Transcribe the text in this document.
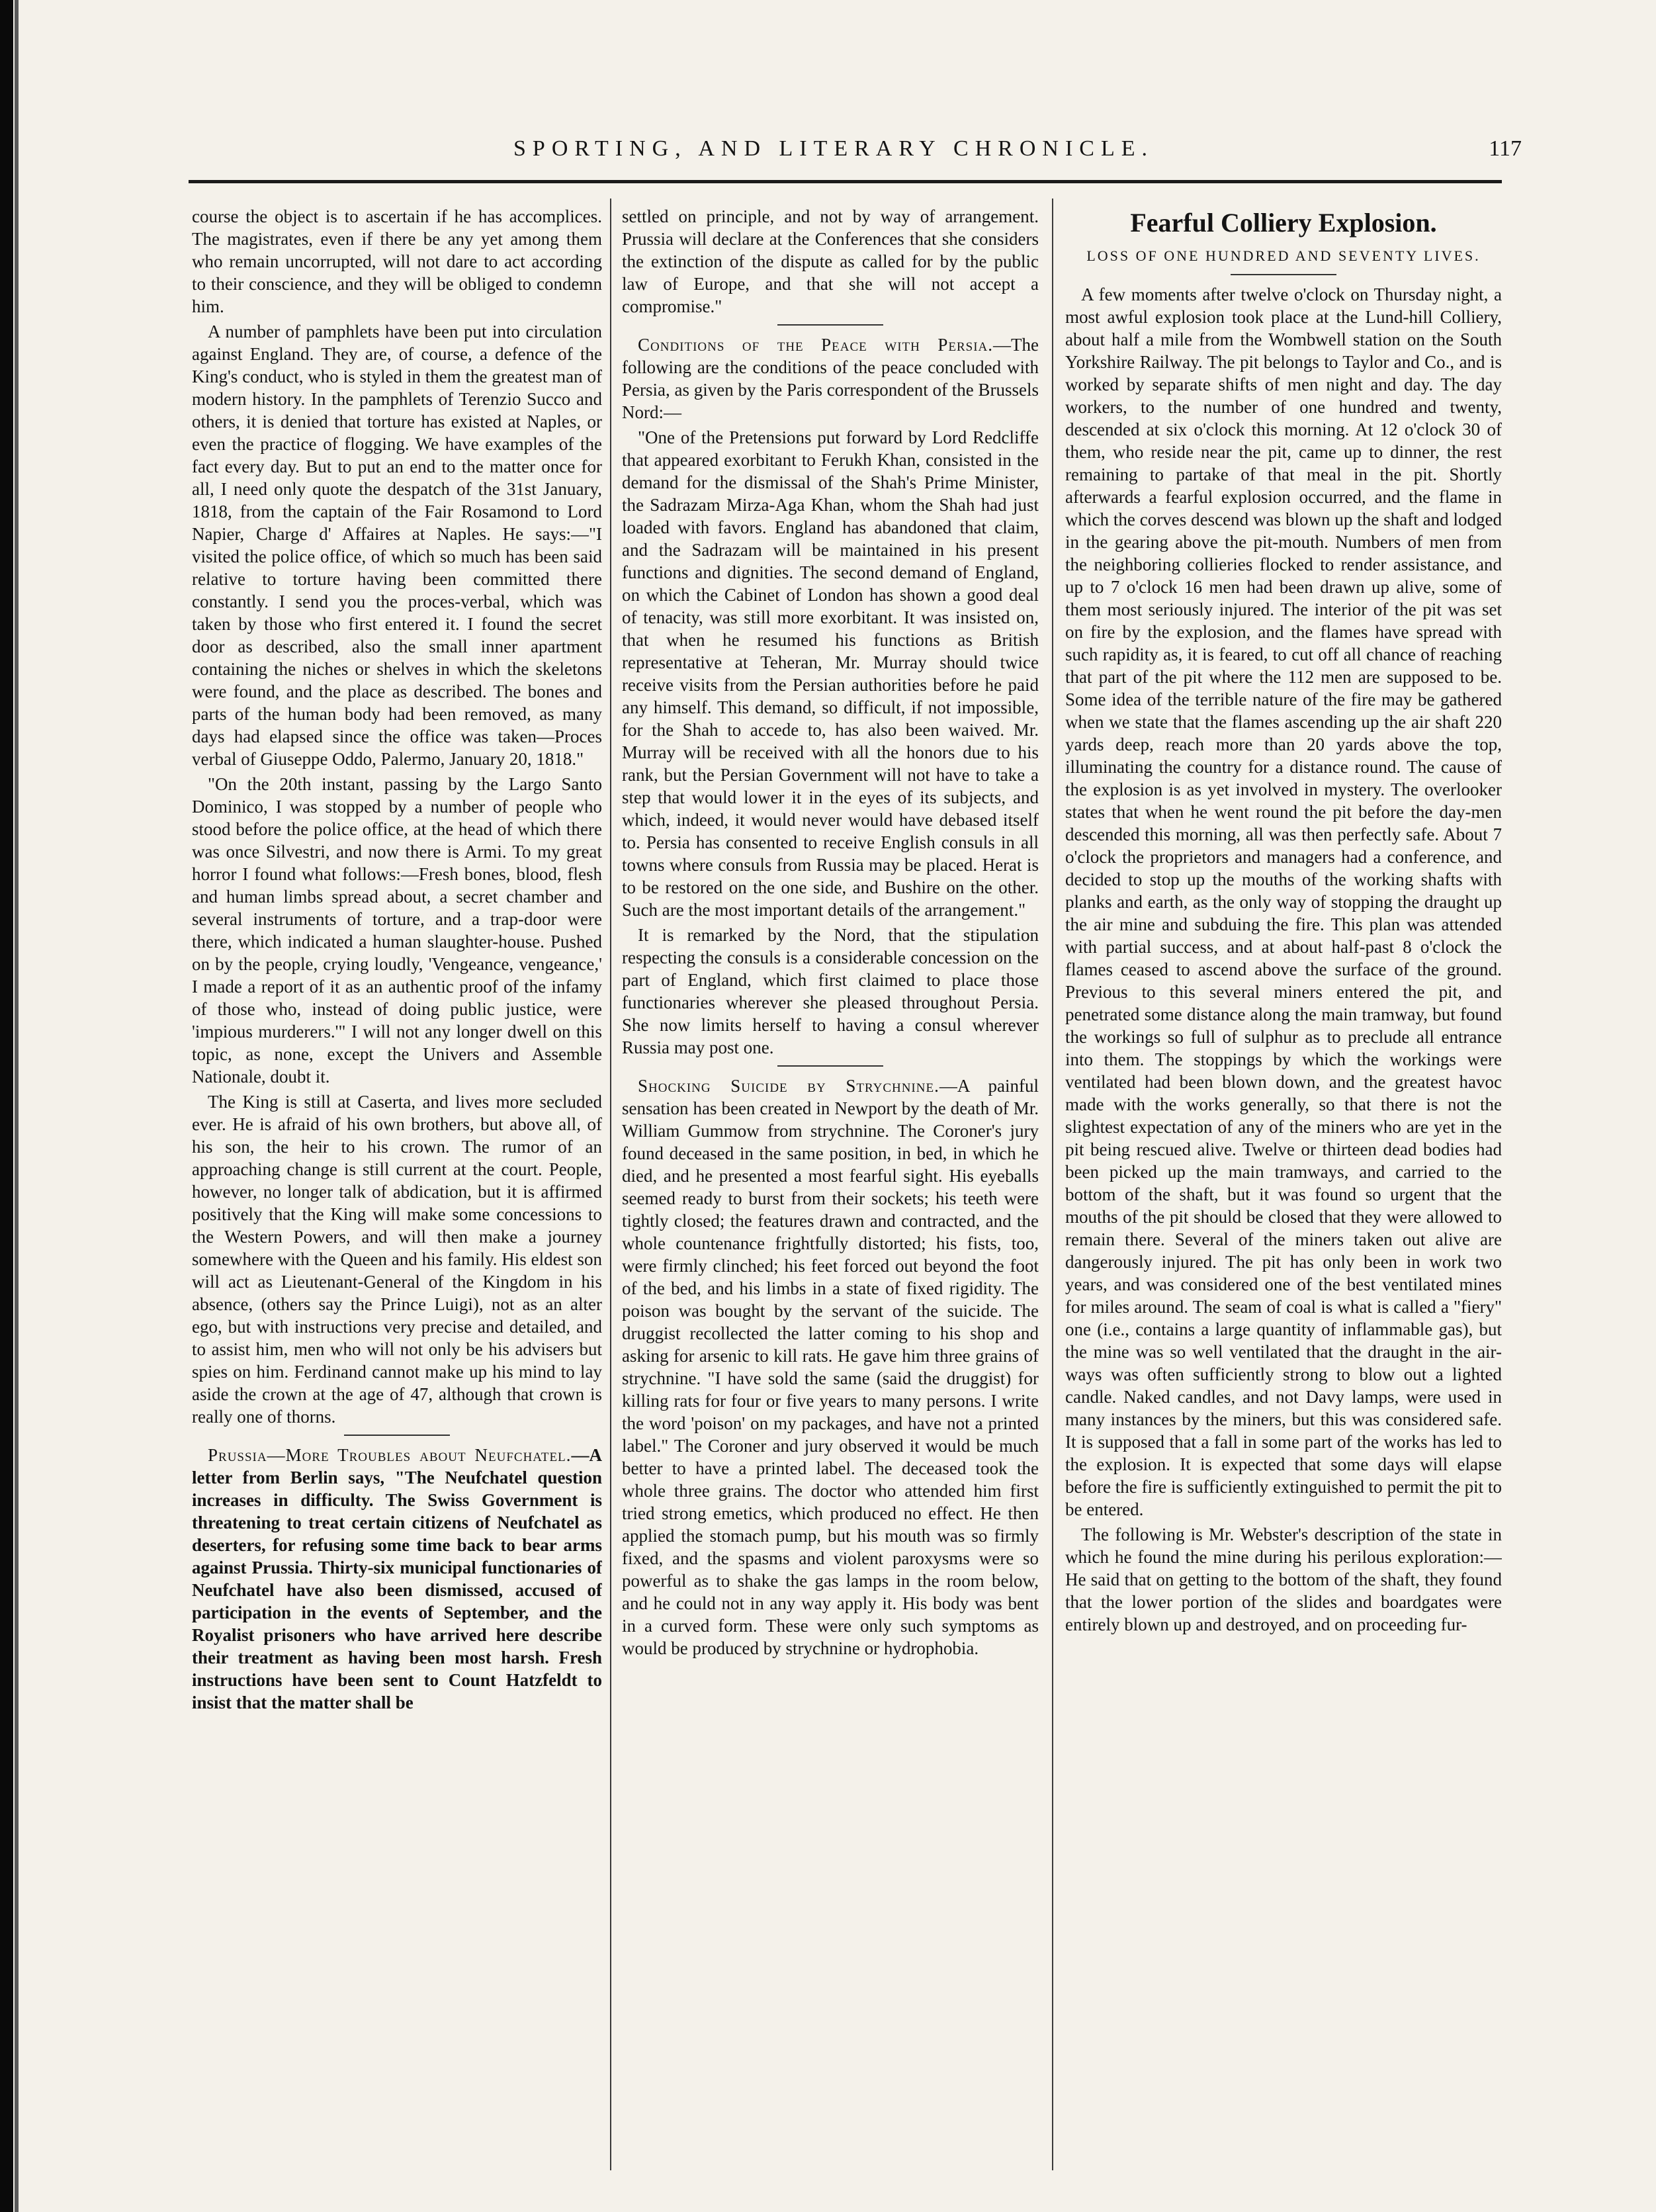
SPORTING, AND LITERARY CHRONICLE.	117

course the object is to ascertain if he has accomplices. The magistrates, even if there be any yet among them who remain uncorrupted, will not dare to act according to their conscience, and they will be obliged to condemn him.

A number of pamphlets have been put into circulation against England. They are, of course, a defence of the King's conduct, who is styled in them the greatest man of modern history. In the pamphlets of Terenzio Succo and others, it is denied that torture has existed at Naples, or even the practice of flogging. We have examples of the fact every day. But to put an end to the matter once for all, I need only quote the despatch of the 31st January, 1818, from the captain of the Fair Rosamond to Lord Napier, Charge d' Affaires at Naples. He says:—"I visited the police office, of which so much has been said relative to torture having been committed there constantly. I send you the proces-verbal, which was taken by those who first entered it. I found the secret door as described, also the small inner apartment containing the niches or shelves in which the skeletons were found, and the place as described. The bones and parts of the human body had been removed, as many days had elapsed since the office was taken—Proces verbal of Giuseppe Oddo, Palermo, January 20, 1818."

"On the 20th instant, passing by the Largo Santo Dominico, I was stopped by a number of people who stood before the police office, at the head of which there was once Silvestri, and now there is Armi. To my great horror I found what follows:—Fresh bones, blood, flesh and human limbs spread about, a secret chamber and several instruments of torture, and a trap-door were there, which indicated a human slaughter-house. Pushed on by the people, crying loudly, 'Vengeance, vengeance,' I made a report of it as an authentic proof of the infamy of those who, instead of doing public justice, were 'impious murderers.'" I will not any longer dwell on this topic, as none, except the Univers and Assemble Nationale, doubt it.

The King is still at Caserta, and lives more secluded ever. He is afraid of his own brothers, but above all, of his son, the heir to his crown. The rumor of an approaching change is still current at the court. People, however, no longer talk of abdication, but it is affirmed positively that the King will make some concessions to the Western Powers, and will then make a journey somewhere with the Queen and his family. His eldest son will act as Lieutenant-General of the Kingdom in his absence, (others say the Prince Luigi), not as an alter ego, but with instructions very precise and detailed, and to assist him, men who will not only be his advisers but spies on him. Ferdinand cannot make up his mind to lay aside the crown at the age of 47, although that crown is really one of thorns.

Prussia—More Troubles about Neufchatel.—A letter from Berlin says, "The Neufchatel question increases in difficulty. The Swiss Government is threatening to treat certain citizens of Neufchatel as deserters, for refusing some time back to bear arms against Prussia. Thirty-six municipal functionaries of Neufchatel have also been dismissed, accused of participation in the events of September, and the Royalist prisoners who have arrived here describe their treatment as having been most harsh. Fresh instructions have been sent to Count Hatzfeldt to insist that the matter shall be

settled on principle, and not by way of arrangement. Prussia will declare at the Conferences that she considers the extinction of the dispute as called for by the public law of Europe, and that she will not accept a compromise."

Conditions of the Peace with Persia.—The following are the conditions of the peace concluded with Persia, as given by the Paris correspondent of the Brussels Nord:—

"One of the Pretensions put forward by Lord Redcliffe that appeared exorbitant to Ferukh Khan, consisted in the demand for the dismissal of the Shah's Prime Minister, the Sadrazam Mirza-Aga Khan, whom the Shah had just loaded with favors. England has abandoned that claim, and the Sadrazam will be maintained in his present functions and dignities. The second demand of England, on which the Cabinet of London has shown a good deal of tenacity, was still more exorbitant. It was insisted on, that when he resumed his functions as British representative at Teheran, Mr. Murray should twice receive visits from the Persian authorities before he paid any himself. This demand, so difficult, if not impossible, for the Shah to accede to, has also been waived. Mr. Murray will be received with all the honors due to his rank, but the Persian Government will not have to take a step that would lower it in the eyes of its subjects, and which, indeed, it would never would have debased itself to. Persia has consented to receive English consuls in all towns where consuls from Russia may be placed. Herat is to be restored on the one side, and Bushire on the other. Such are the most important details of the arrangement."

It is remarked by the Nord, that the stipulation respecting the consuls is a considerable concession on the part of England, which first claimed to place those functionaries wherever she pleased throughout Persia. She now limits herself to having a consul wherever Russia may post one.

Shocking Suicide by Strychnine.—A painful sensation has been created in Newport by the death of Mr. William Gummow from strychnine. The Coroner's jury found deceased in the same position, in bed, in which he died, and he presented a most fearful sight. His eyeballs seemed ready to burst from their sockets; his teeth were tightly closed; the features drawn and contracted, and the whole countenance frightfully distorted; his fists, too, were firmly clinched; his feet forced out beyond the foot of the bed, and his limbs in a state of fixed rigidity. The poison was bought by the servant of the suicide. The druggist recollected the latter coming to his shop and asking for arsenic to kill rats. He gave him three grains of strychnine. "I have sold the same (said the druggist) for killing rats for four or five years to many persons. I write the word 'poison' on my packages, and have not a printed label." The Coroner and jury observed it would be much better to have a printed label. The deceased took the whole three grains. The doctor who attended him first tried strong emetics, which produced no effect. He then applied the stomach pump, but his mouth was so firmly fixed, and the spasms and violent paroxysms were so powerful as to shake the gas lamps in the room below, and he could not in any way apply it. His body was bent in a curved form. These were only such symptoms as would be produced by strychnine or hydrophobia.

Fearful Colliery Explosion.
LOSS OF ONE HUNDRED AND SEVENTY LIVES.

A few moments after twelve o'clock on Thursday night, a most awful explosion took place at the Lund-hill Colliery, about half a mile from the Wombwell station on the South Yorkshire Railway. The pit belongs to Taylor and Co., and is worked by separate shifts of men night and day. The day workers, to the number of one hundred and twenty, descended at six o'clock this morning. At 12 o'clock 30 of them, who reside near the pit, came up to dinner, the rest remaining to partake of that meal in the pit. Shortly afterwards a fearful explosion occurred, and the flame in which the corves descend was blown up the shaft and lodged in the gearing above the pit-mouth. Numbers of men from the neighboring collieries flocked to render assistance, and up to 7 o'clock 16 men had been drawn up alive, some of them most seriously injured. The interior of the pit was set on fire by the explosion, and the flames have spread with such rapidity as, it is feared, to cut off all chance of reaching that part of the pit where the 112 men are supposed to be. Some idea of the terrible nature of the fire may be gathered when we state that the flames ascending up the air shaft 220 yards deep, reach more than 20 yards above the top, illuminating the country for a distance round. The cause of the explosion is as yet involved in mystery. The overlooker states that when he went round the pit before the day-men descended this morning, all was then perfectly safe. About 7 o'clock the proprietors and managers had a conference, and decided to stop up the mouths of the working shafts with planks and earth, as the only way of stopping the draught up the air mine and subduing the fire. This plan was attended with partial success, and at about half-past 8 o'clock the flames ceased to ascend above the surface of the ground. Previous to this several miners entered the pit, and penetrated some distance along the main tramway, but found the workings so full of sulphur as to preclude all entrance into them. The stoppings by which the workings were ventilated had been blown down, and the greatest havoc made with the works generally, so that there is not the slightest expectation of any of the miners who are yet in the pit being rescued alive. Twelve or thirteen dead bodies had been picked up the main tramways, and carried to the bottom of the shaft, but it was found so urgent that the mouths of the pit should be closed that they were allowed to remain there. Several of the miners taken out alive are dangerously injured. The pit has only been in work two years, and was considered one of the best ventilated mines for miles around. The seam of coal is what is called a "fiery" one (i.e., contains a large quantity of inflammable gas), but the mine was so well ventilated that the draught in the air-ways was often sufficiently strong to blow out a lighted candle. Naked candles, and not Davy lamps, were used in many instances by the miners, but this was considered safe. It is supposed that a fall in some part of the works has led to the explosion. It is expected that some days will elapse before the fire is sufficiently extinguished to permit the pit to be entered.

The following is Mr. Webster's description of the state in which he found the mine during his perilous exploration:—He said that on getting to the bottom of the shaft, they found that the lower portion of the slides and boardgates were entirely blown up and destroyed, and on proceeding fur-
